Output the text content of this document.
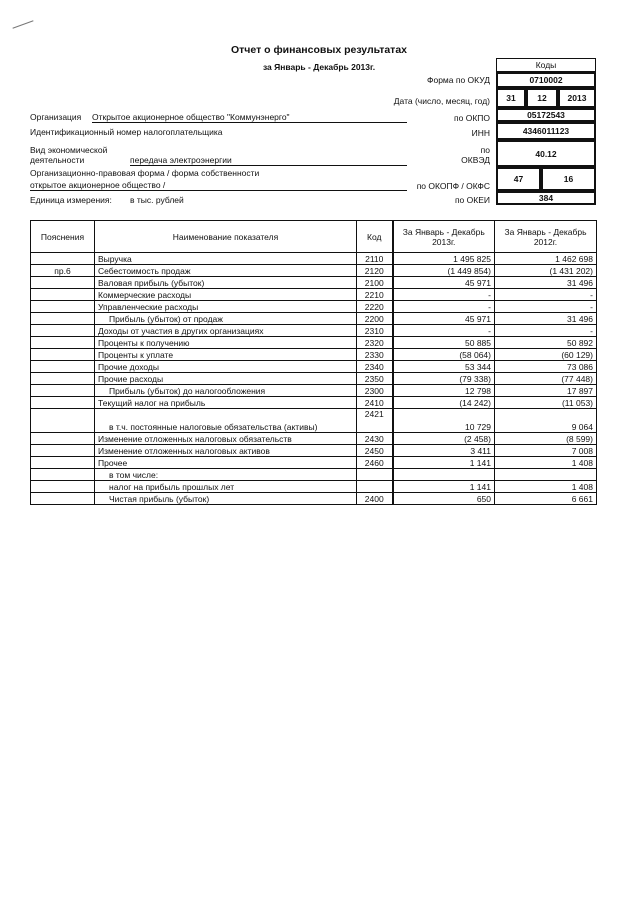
Отчет о финансовых результатах
за Январь - Декабрь 2013г.	Коды
Форма по ОКУД	0710002
Дата (число, месяц, год)	31	12	2013
по ОКПО	05172543
ИНН	4346011123
по
ОКВЭД
40.12
по ОКОПФ / ОКФС
47	16
по ОКЕИ	384
Организация Открытое акционерное общество "Коммунэнерго"
Идентификационный номер налогоплательщика
Вид экономической
деятельности	передача электроэнергии
Организационно-правовая форма / форма собственности
открытое акционерное общество /
Единица измерения: в тыс. рублей
Пояснения	Наименование показателя	Код	За Январь - Декабрь 2013г.	За Январь - Декабрь 2012г.
	Выручка	2110	1 495 825	1 462 698
пр.6	Себестоимость продаж	2120	(1 449 854)	(1 431 202)
	Валовая прибыль (убыток)	2100	45 971	31 496
	Коммерческие расходы	2210	-	-
	Управленческие расходы	2220	-	-
	Прибыль (убыток) от продаж	2200	45 971	31 496
	Доходы от участия в других организациях	2310	-	-
	Проценты к получению	2320	50 885	50 892
	Проценты к уплате	2330	(58 064)	(60 129)
	Прочие доходы	2340	53 344	73 086
	Прочие расходы	2350	(79 338)	(77 448)
	Прибыль (убыток) до налогообложения	2300	12 798	17 897
	Текущий налог на прибыль	2410	(14 242)	(11 053)
	в т.ч. постоянные налоговые обязательства (активы)	2421	10 729	9 064
	Изменение отложенных налоговых обязательств	2430	(2 458)	(8 599)
	Изменение отложенных налоговых активов	2450	3 411	7 008
	Прочее	2460	1 141	1 408
	в том числе:			
	налог на прибыль прошлых лет		1 141	1 408
	Чистая прибыль (убыток)	2400	650	6 661
